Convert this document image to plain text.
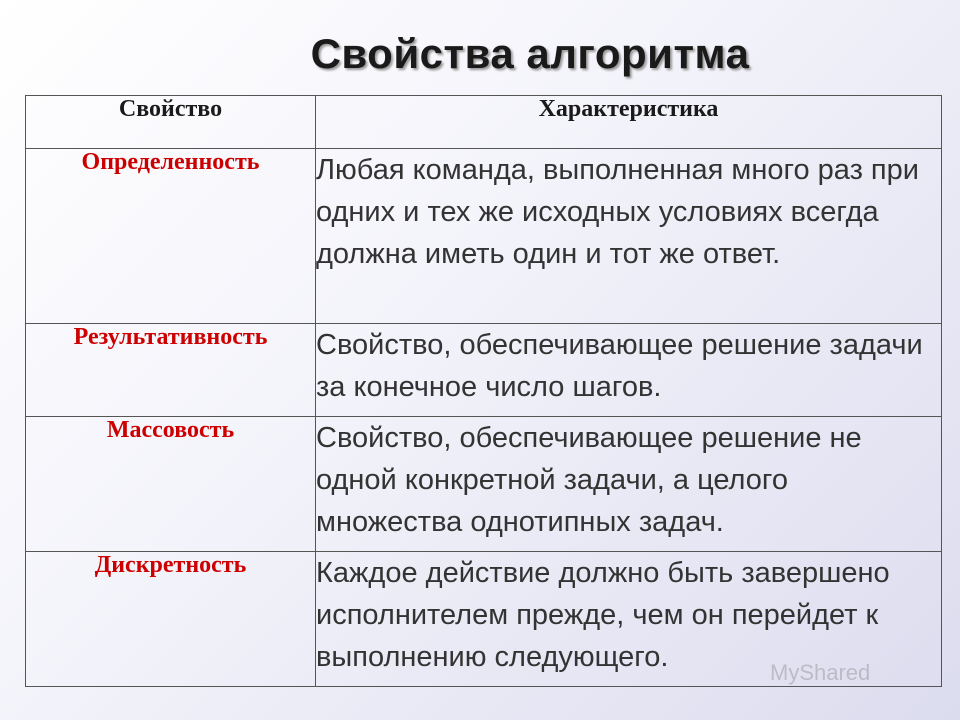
Свойства алгоритма
Свойство	Характеристика
Определенность	Любая команда, выполненная много раз при одних и тех же исходных условиях всегда должна иметь один и тот же ответ.
Результативность	Свойство, обеспечивающее решение задачи за конечное число шагов.
Массовость	Свойство, обеспечивающее решение не одной конкретной задачи, а целого множества однотипных задач.
Дискретность	Каждое действие должно быть завершено исполнителем прежде, чем он перейдет к выполнению следующего.	MyShared
